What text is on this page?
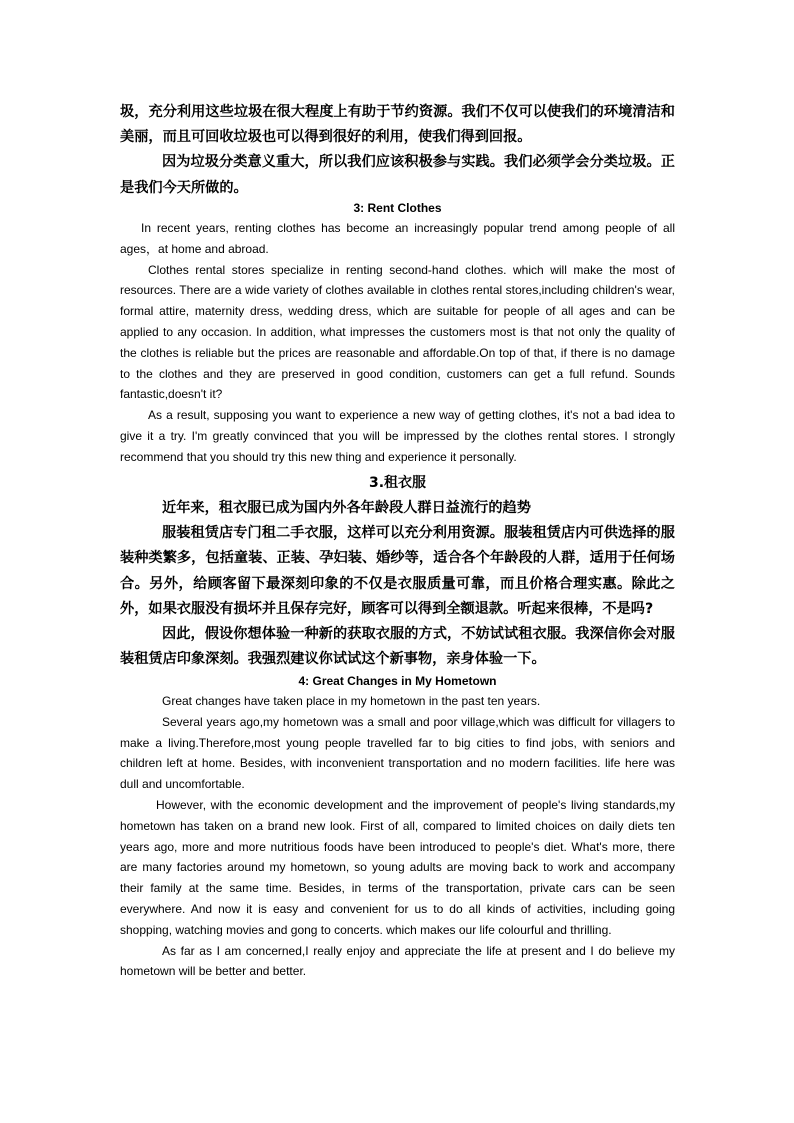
圾，充分利用这些垃圾在很大程度上有助于节约资源。我们不仅可以使我们的环境清洁和美丽，而且可回收垃圾也可以得到很好的利用，使我们得到回报。

因为垃圾分类意义重大，所以我们应该积极参与实践。我们必须学会分类垃圾。正是我们今天所做的。

3: Rent Clothes

In recent years, renting clothes has become an increasingly popular trend among people of all ages，at home and abroad.

Clothes rental stores specialize in renting second-hand clothes. which will make the most of resources. There are a wide variety of clothes available in clothes rental stores,including children's wear, formal attire, maternity dress, wedding dress, which are suitable for people of all ages and can be applied to any occasion. In addition, what impresses the customers most is that not only the quality of the clothes is reliable but the prices are reasonable and affordable.On top of that, if there is no damage to the clothes and they are preserved in good condition, customers can get a full refund. Sounds fantastic,doesn't it?

As a result, supposing you want to experience a new way of getting clothes, it's not a bad idea to give it a try. I'm greatly convinced that you will be impressed by the clothes rental stores. I strongly recommend that you should try this new thing and experience it personally.

3.租衣服

近年来，租衣服已成为国内外各年龄段人群日益流行的趋势

服装租赁店专门租二手衣服，这样可以充分利用资源。服装租赁店内可供选择的服装种类繁多，包括童装、正装、孕妇装、婚纱等，适合各个年龄段的人群，适用于任何场合。另外，给顾客留下最深刻印象的不仅是衣服质量可靠，而且价格合理实惠。除此之外，如果衣服没有损坏并且保存完好，顾客可以得到全额退款。听起来很棒，不是吗?

因此，假设你想体验一种新的获取衣服的方式，不妨试试租衣服。我深信你会对服装租赁店印象深刻。我强烈建议你试试这个新事物，亲身体验一下。

4: Great Changes in My Hometown

Great changes have taken place in my hometown in the past ten years.

Several years ago,my hometown was a small and poor village,which was difficult for villagers to make a living.Therefore,most young people travelled far to big cities to find jobs, with seniors and children left at home. Besides, with inconvenient transportation and no modern facilities. life here was dull and uncomfortable.

However, with the economic development and the improvement of people's living standards,my hometown has taken on a brand new look. First of all, compared to limited choices on daily diets ten years ago, more and more nutritious foods have been introduced to people's diet. What's more, there are many factories around my hometown, so young adults are moving back to work and accompany their family at the same time. Besides, in terms of the transportation, private cars can be seen everywhere. And now it is easy and convenient for us to do all kinds of activities, including going shopping, watching movies and gong to concerts. which makes our life colourful and thrilling.

As far as I am concerned,I really enjoy and appreciate the life at present and I do believe my hometown will be better and better.
